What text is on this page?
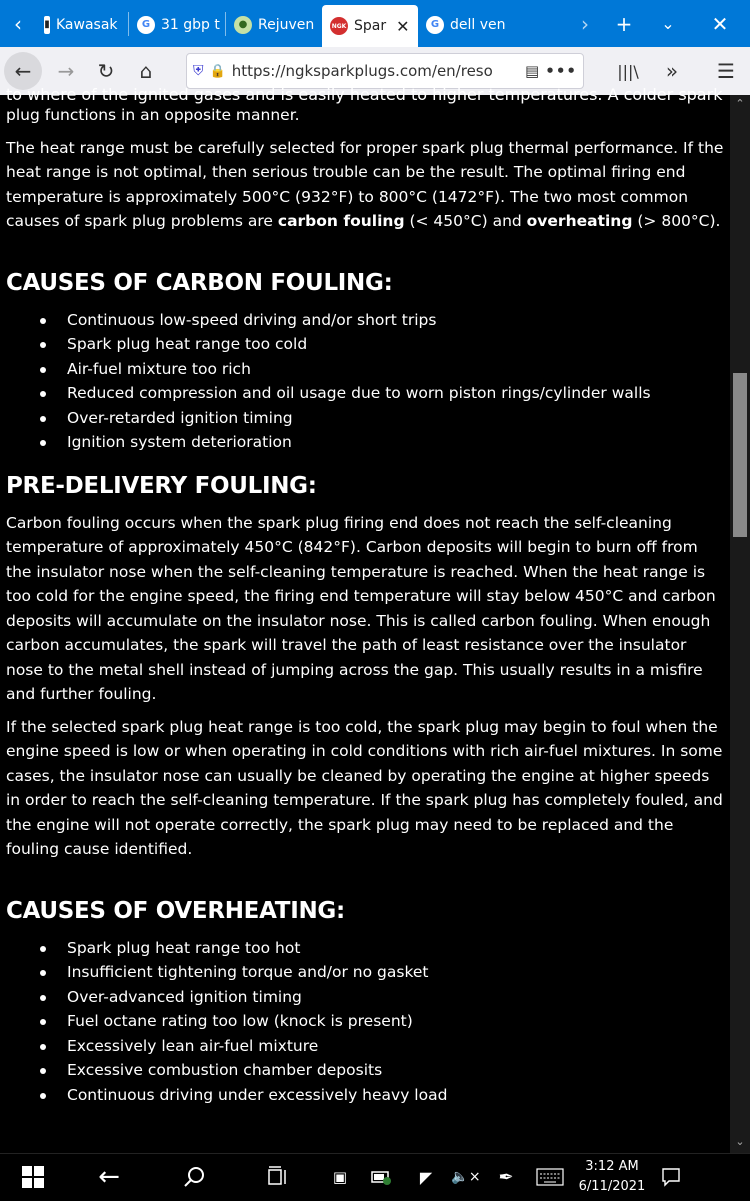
‹	▮ Kawasak	G 31 gbp t	● Rejuven	NGK Spar ✕	G dell ven	›	+	⌄	✕
←	→	↻	⌂	⛨ 🔒 https://ngksparkplugs.com/en/reso	▤ •••	|||\	»	☰
to where of the ignited gases and is easily heated to higher temperatures. A colder spark

plug functions in an opposite manner.

The heat range must be carefully selected for proper spark plug thermal performance. If the heat range is not optimal, then serious trouble can be the result. The optimal firing end temperature is approximately 500°C (932°F) to 800°C (1472°F). The two most common causes of spark plug problems are carbon fouling (< 450°C) and overheating (> 800°C).

CAUSES OF CARBON FOULING:
Continuous low-speed driving and/or short trips
Spark plug heat range too cold
Air-fuel mixture too rich
Reduced compression and oil usage due to worn piston rings/cylinder walls
Over-retarded ignition timing
Ignition system deterioration
PRE-DELIVERY FOULING:

Carbon fouling occurs when the spark plug firing end does not reach the self-cleaning temperature of approximately 450°C (842°F). Carbon deposits will begin to burn off from the insulator nose when the self-cleaning temperature is reached. When the heat range is too cold for the engine speed, the firing end temperature will stay below 450°C and carbon deposits will accumulate on the insulator nose. This is called carbon fouling. When enough carbon accumulates, the spark will travel the path of least resistance over the insulator nose to the metal shell instead of jumping across the gap. This usually results in a misfire and further fouling.

If the selected spark plug heat range is too cold, the spark plug may begin to foul when the engine speed is low or when operating in cold conditions with rich air-fuel mixtures. In some cases, the insulator nose can usually be cleaned by operating the engine at higher speeds in order to reach the self-cleaning temperature. If the spark plug has completely fouled, and the engine will not operate correctly, the spark plug may need to be replaced and the fouling cause identified.

CAUSES OF OVERHEATING:
Spark plug heat range too hot
Insufficient tightening torque and/or no gasket
Over-advanced ignition timing
Fuel octane rating too low (knock is present)
Excessively lean air-fuel mixture
Excessive combustion chamber deposits
Continuous driving under excessively heavy load
⌃
⌄
←	▣	◤	🔈× ✒	3:12 AM
6/11/2021
